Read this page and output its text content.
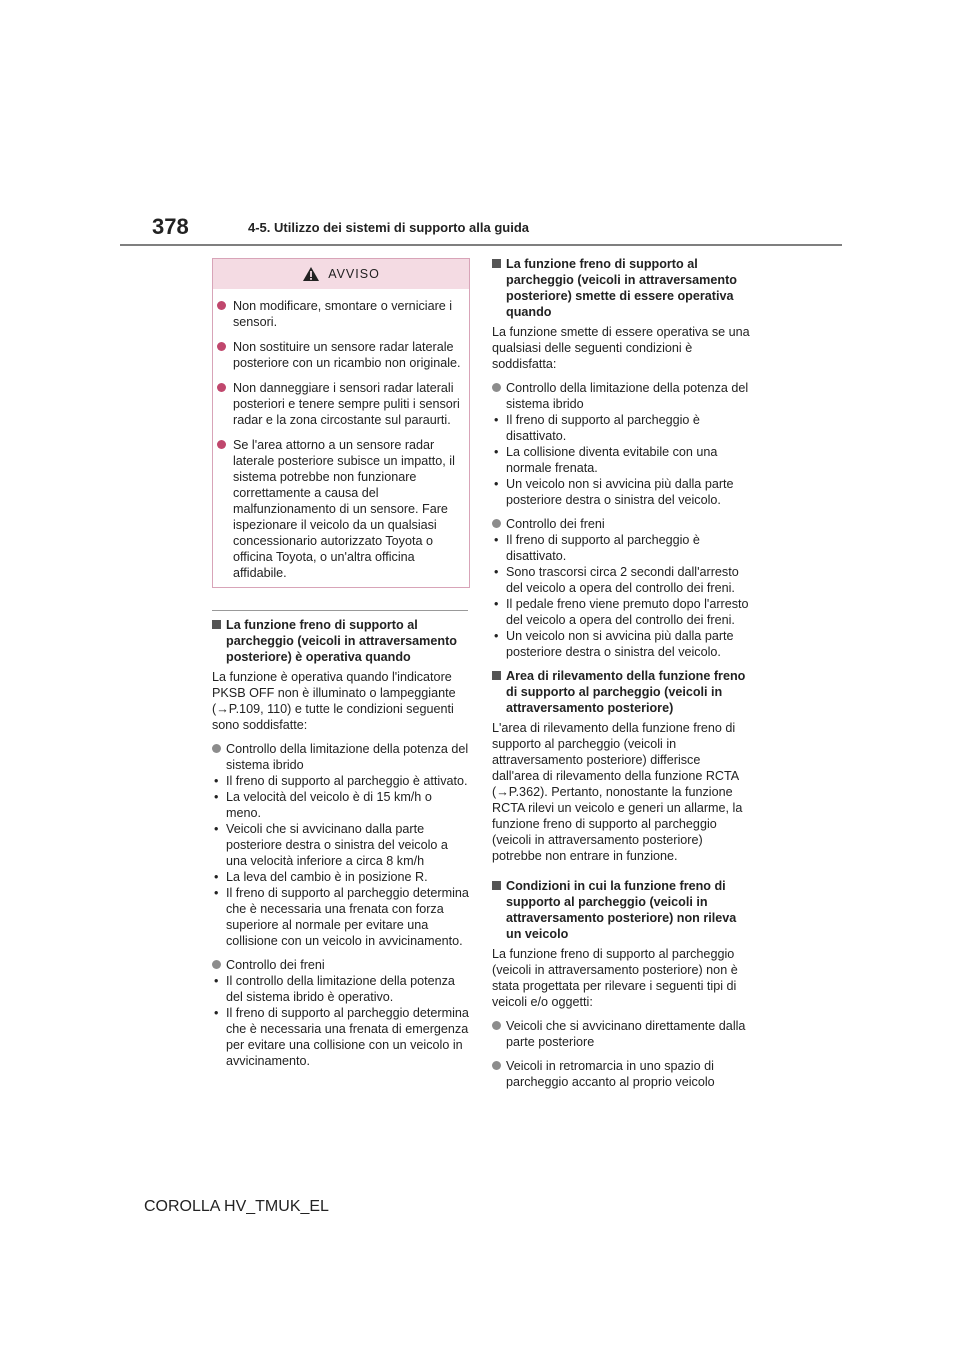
378	4-5. Utilizzo dei sistemi di supporto alla guida
AVVISO
Non modificare, smontare o verniciare i sensori.
Non sostituire un sensore radar laterale posteriore con un ricambio non originale.
Non danneggiare i sensori radar laterali posteriori e tenere sempre puliti i sensori radar e la zona circostante sul paraurti.
Se l'area attorno a un sensore radar laterale posteriore subisce un impatto, il sistema potrebbe non funzionare correttamente a causa del malfunzionamento di un sensore. Fare ispezionare il veicolo da un qualsiasi concessionario autorizzato Toyota o officina Toyota, o un'altra officina affidabile.
La funzione freno di supporto al parcheggio (veicoli in attraversamento posteriore) è operativa quando
La funzione è operativa quando l'indicatore PKSB OFF non è illuminato o lampeggiante (→P.109, 110) e tutte le condizioni seguenti sono soddisfatte:
Controllo della limitazione della potenza del sistema ibrido
• Il freno di supporto al parcheggio è attivato.
• La velocità del veicolo è di 15 km/h o meno.
• Veicoli che si avvicinano dalla parte posteriore destra o sinistra del veicolo a una velocità inferiore a circa 8 km/h
• La leva del cambio è in posizione R.
• Il freno di supporto al parcheggio determina che è necessaria una frenata con forza superiore al normale per evitare una collisione con un veicolo in avvicinamento.
Controllo dei freni
• Il controllo della limitazione della potenza del sistema ibrido è operativo.
• Il freno di supporto al parcheggio determina che è necessaria una frenata di emergenza per evitare una collisione con un veicolo in avvicinamento.
La funzione freno di supporto al parcheggio (veicoli in attraversamento posteriore) smette di essere operativa quando
La funzione smette di essere operativa se una qualsiasi delle seguenti condizioni è soddisfatta:
Controllo della limitazione della potenza del sistema ibrido
• Il freno di supporto al parcheggio è disattivato.
• La collisione diventa evitabile con una normale frenata.
• Un veicolo non si avvicina più dalla parte posteriore destra o sinistra del veicolo.
Controllo dei freni
• Il freno di supporto al parcheggio è disattivato.
• Sono trascorsi circa 2 secondi dall'arresto del veicolo a opera del controllo dei freni.
• Il pedale freno viene premuto dopo l'arresto del veicolo a opera del controllo dei freni.
• Un veicolo non si avvicina più dalla parte posteriore destra o sinistra del veicolo.
Area di rilevamento della funzione freno di supporto al parcheggio (veicoli in attraversamento posteriore)
L'area di rilevamento della funzione freno di supporto al parcheggio (veicoli in attraversamento posteriore) differisce dall'area di rilevamento della funzione RCTA (→P.362). Pertanto, nonostante la funzione RCTA rilevi un veicolo e generi un allarme, la funzione freno di supporto al parcheggio (veicoli in attraversamento posteriore) potrebbe non entrare in funzione.
Condizioni in cui la funzione freno di supporto al parcheggio (veicoli in attraversamento posteriore) non rileva un veicolo
La funzione freno di supporto al parcheggio (veicoli in attraversamento posteriore) non è stata progettata per rilevare i seguenti tipi di veicoli e/o oggetti:
Veicoli che si avvicinano direttamente dalla parte posteriore
Veicoli in retromarcia in uno spazio di parcheggio accanto al proprio veicolo
COROLLA HV_TMUK_EL
